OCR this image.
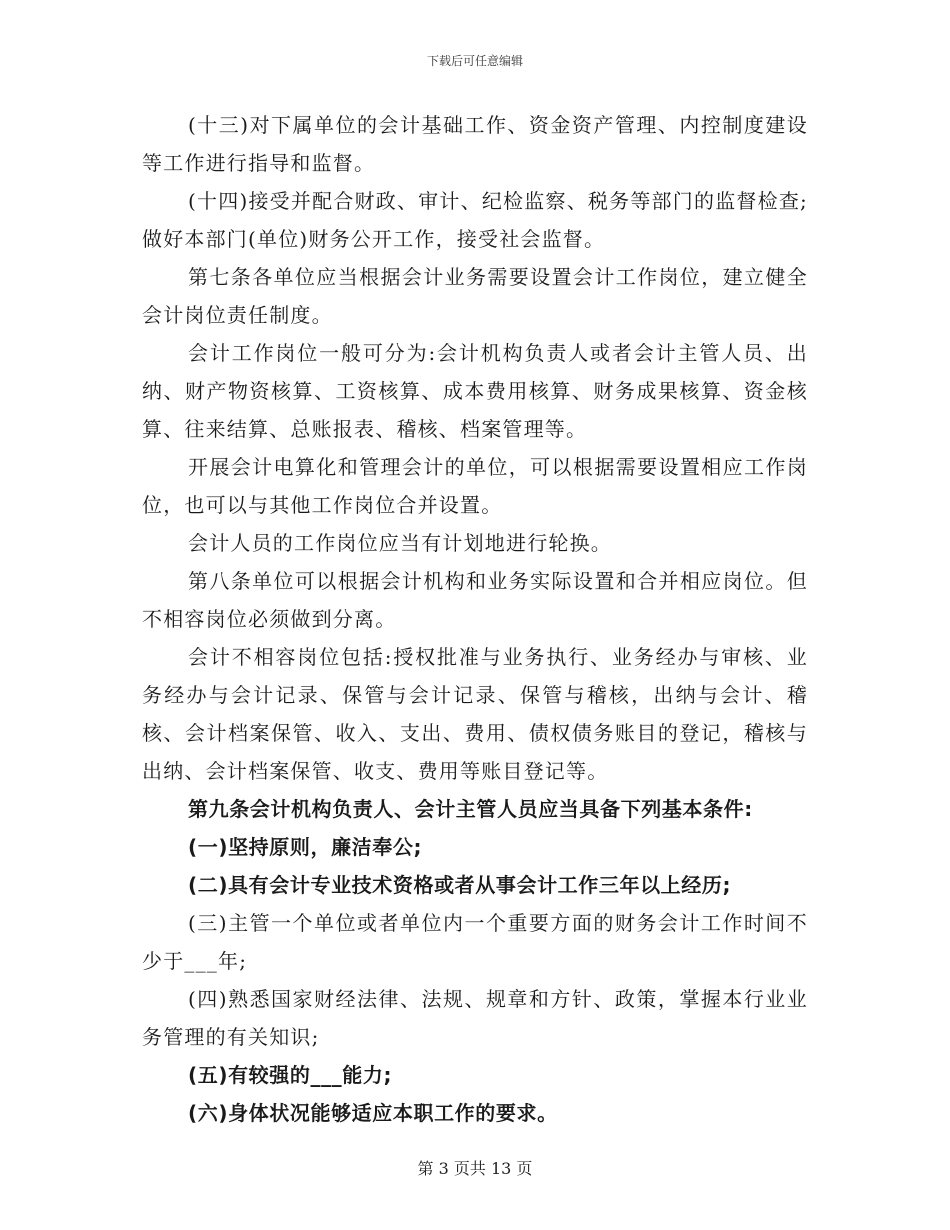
下载后可任意编辑

(十三)对下属单位的会计基础工作、资金资产管理、内控制度建设等工作进行指导和监督。

(十四)接受并配合财政、审计、纪检监察、税务等部门的监督检查;做好本部门(单位)财务公开工作，接受社会监督。

第七条各单位应当根据会计业务需要设置会计工作岗位，建立健全会计岗位责任制度。

会计工作岗位一般可分为:会计机构负责人或者会计主管人员、出纳、财产物资核算、工资核算、成本费用核算、财务成果核算、资金核算、往来结算、总账报表、稽核、档案管理等。

开展会计电算化和管理会计的单位，可以根据需要设置相应工作岗位，也可以与其他工作岗位合并设置。

会计人员的工作岗位应当有计划地进行轮换。

第八条单位可以根据会计机构和业务实际设置和合并相应岗位。但不相容岗位必须做到分离。

会计不相容岗位包括:授权批准与业务执行、业务经办与审核、业务经办与会计记录、保管与会计记录、保管与稽核，出纳与会计、稽核、会计档案保管、收入、支出、费用、债权债务账目的登记，稽核与出纳、会计档案保管、收支、费用等账目登记等。

第九条会计机构负责人、会计主管人员应当具备下列基本条件:

(一)坚持原则，廉洁奉公;

(二)具有会计专业技术资格或者从事会计工作三年以上经历;

(三)主管一个单位或者单位内一个重要方面的财务会计工作时间不少于___年;

(四)熟悉国家财经法律、法规、规章和方针、政策，掌握本行业业务管理的有关知识;

(五)有较强的___能力;

(六)身体状况能够适应本职工作的要求。

第 3 页共 13 页
